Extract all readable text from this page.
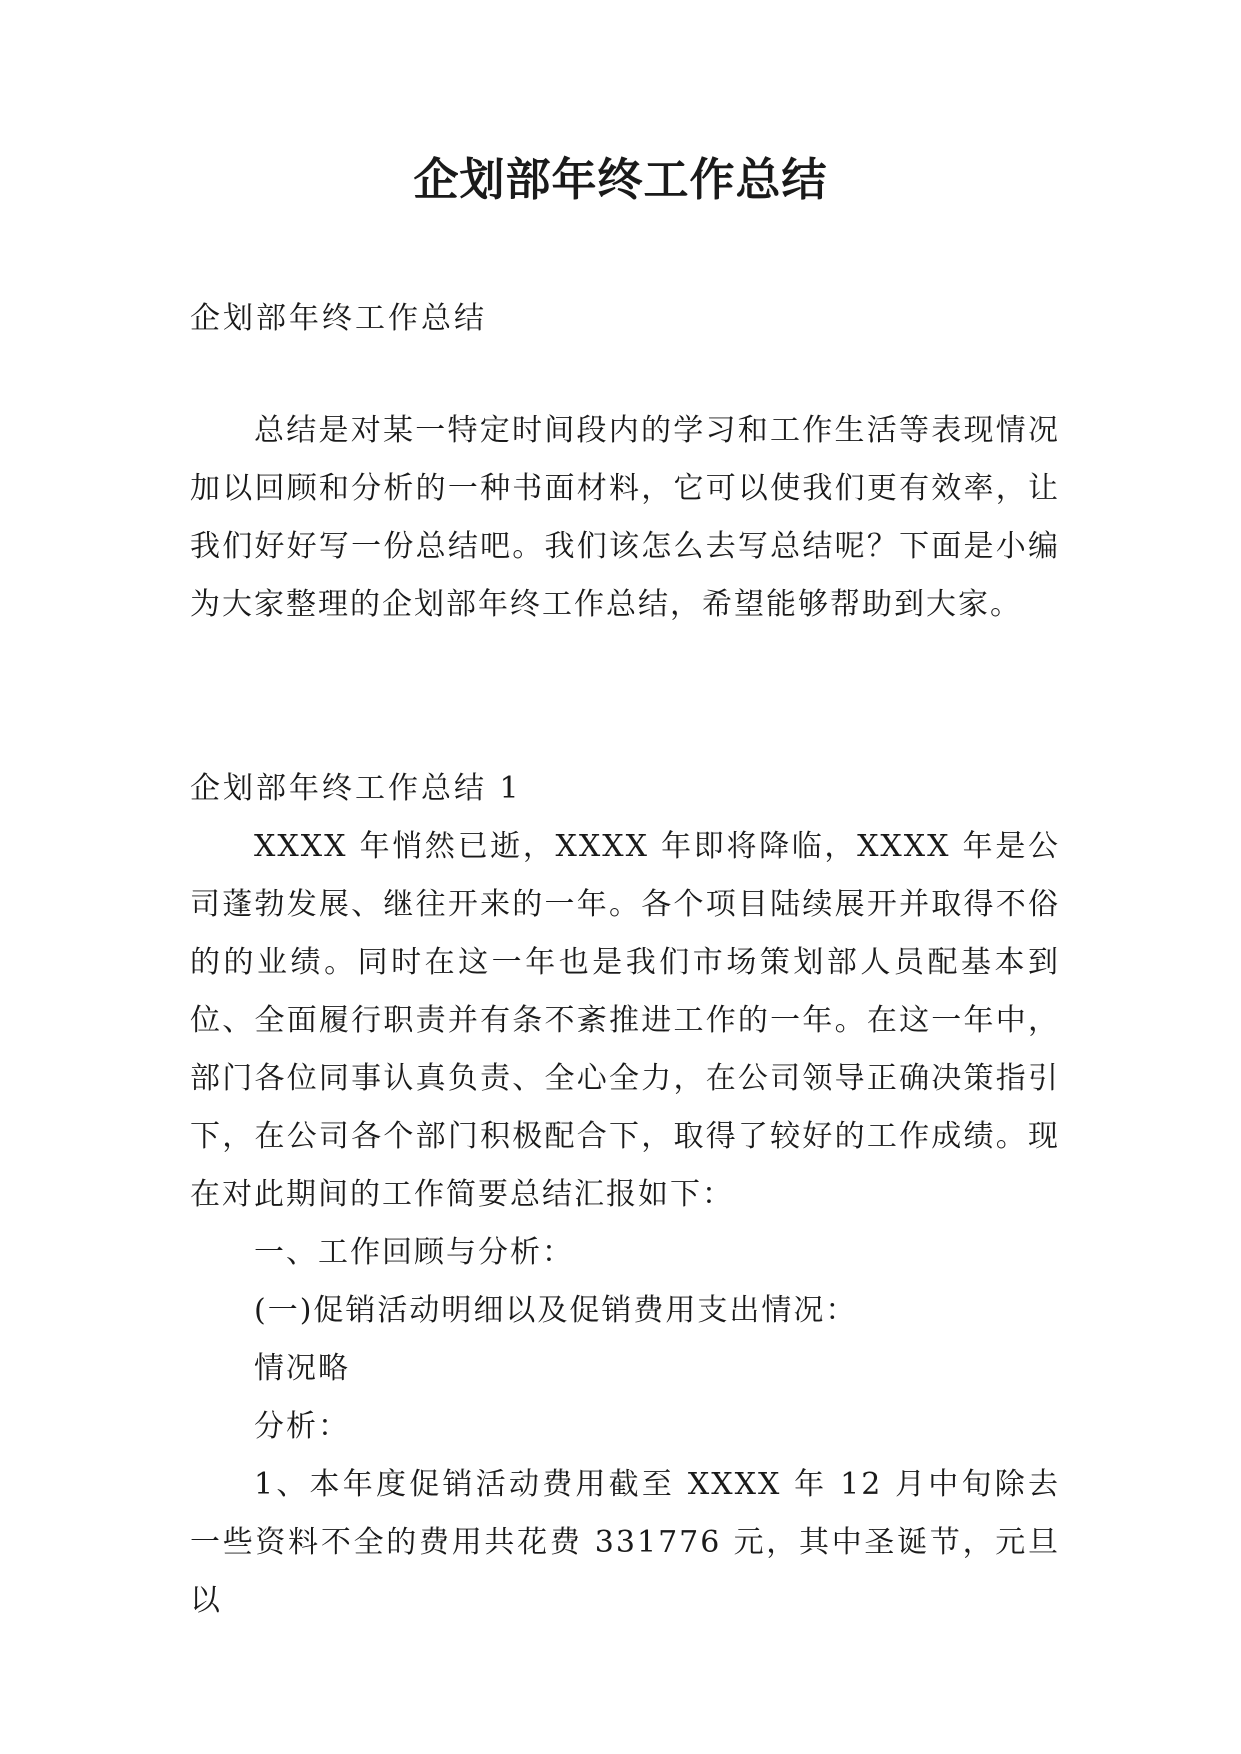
企划部年终工作总结
企划部年终工作总结
总结是对某一特定时间段内的学习和工作生活等表现情况加以回顾和分析的一种书面材料，它可以使我们更有效率，让我们好好写一份总结吧。我们该怎么去写总结呢？下面是小编为大家整理的企划部年终工作总结，希望能够帮助到大家。

企划部年终工作总结 1

XXXX 年悄然已逝，XXXX 年即将降临，XXXX 年是公司蓬勃发展、继往开来的一年。各个项目陆续展开并取得不俗的的业绩。同时在这一年也是我们市场策划部人员配基本到位、全面履行职责并有条不紊推进工作的一年。在这一年中，部门各位同事认真负责、全心全力，在公司领导正确决策指引下，在公司各个部门积极配合下，取得了较好的工作成绩。现在对此期间的工作简要总结汇报如下：

一、工作回顾与分析：

(一)促销活动明细以及促销费用支出情况：

情况略

分析：

1、本年度促销活动费用截至 XXXX 年 12 月中旬除去一些资料不全的费用共花费 331776 元，其中圣诞节，元旦以
